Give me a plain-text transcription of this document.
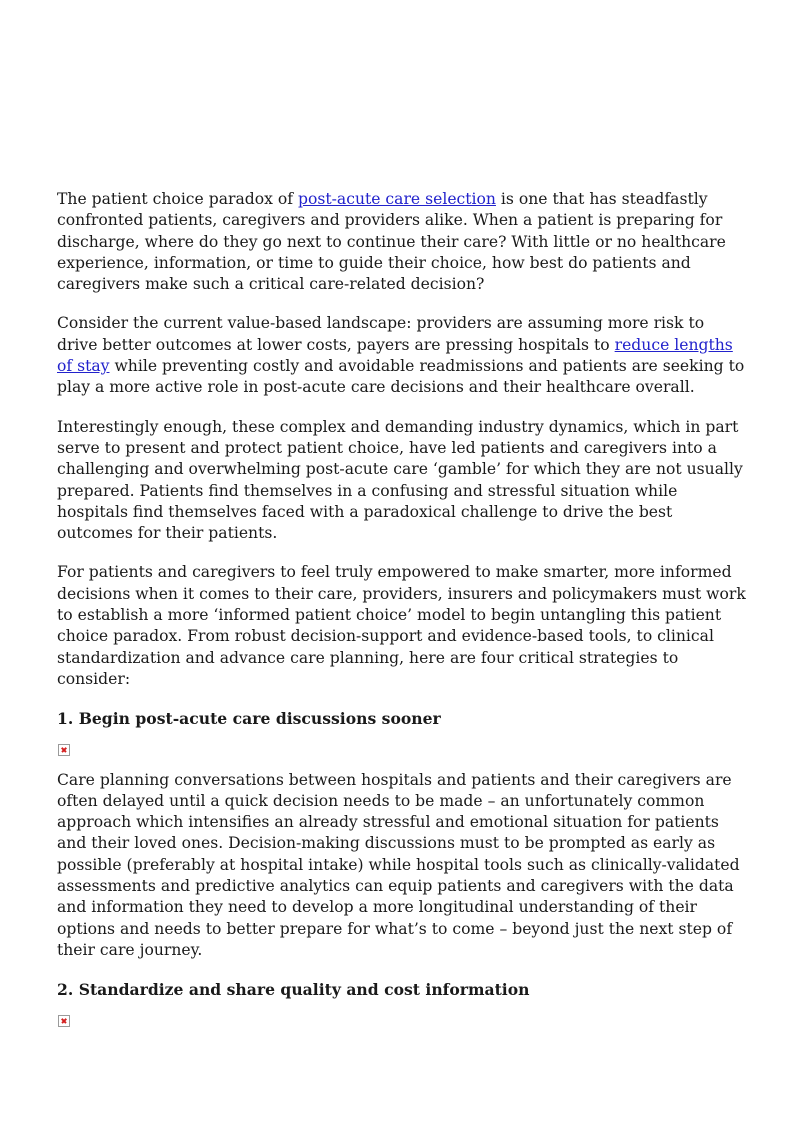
The patient choice paradox of post-acute care selection is one that has steadfastly confronted patients, caregivers and providers alike. When a patient is preparing for discharge, where do they go next to continue their care? With little or no healthcare experience, information, or time to guide their choice, how best do patients and caregivers make such a critical care-related decision?

Consider the current value-based landscape: providers are assuming more risk to drive better outcomes at lower costs, payers are pressing hospitals to reduce lengths of stay while preventing costly and avoidable readmissions and patients are seeking to play a more active role in post-acute care decisions and their healthcare overall.

Interestingly enough, these complex and demanding industry dynamics, which in part serve to present and protect patient choice, have led patients and caregivers into a challenging and overwhelming post-acute care ‘gamble’ for which they are not usually prepared. Patients find themselves in a confusing and stressful situation while hospitals find themselves faced with a paradoxical challenge to drive the best outcomes for their patients.

For patients and caregivers to feel truly empowered to make smarter, more informed decisions when it comes to their care, providers, insurers and policymakers must work to establish a more ‘informed patient choice’ model to begin untangling this patient choice paradox. From robust decision-support and evidence-based tools, to clinical standardization and advance care planning, here are four critical strategies to consider:

1. Begin post-acute care discussions sooner

Care planning conversations between hospitals and patients and their caregivers are often delayed until a quick decision needs to be made – an unfortunately common approach which intensifies an already stressful and emotional situation for patients and their loved ones. Decision-making discussions must to be prompted as early as possible (preferably at hospital intake) while hospital tools such as clinically-validated assessments and predictive analytics can equip patients and caregivers with the data and information they need to develop a more longitudinal understanding of their options and needs to better prepare for what’s to come – beyond just the next step of their care journey.

2. Standardize and share quality and cost information
